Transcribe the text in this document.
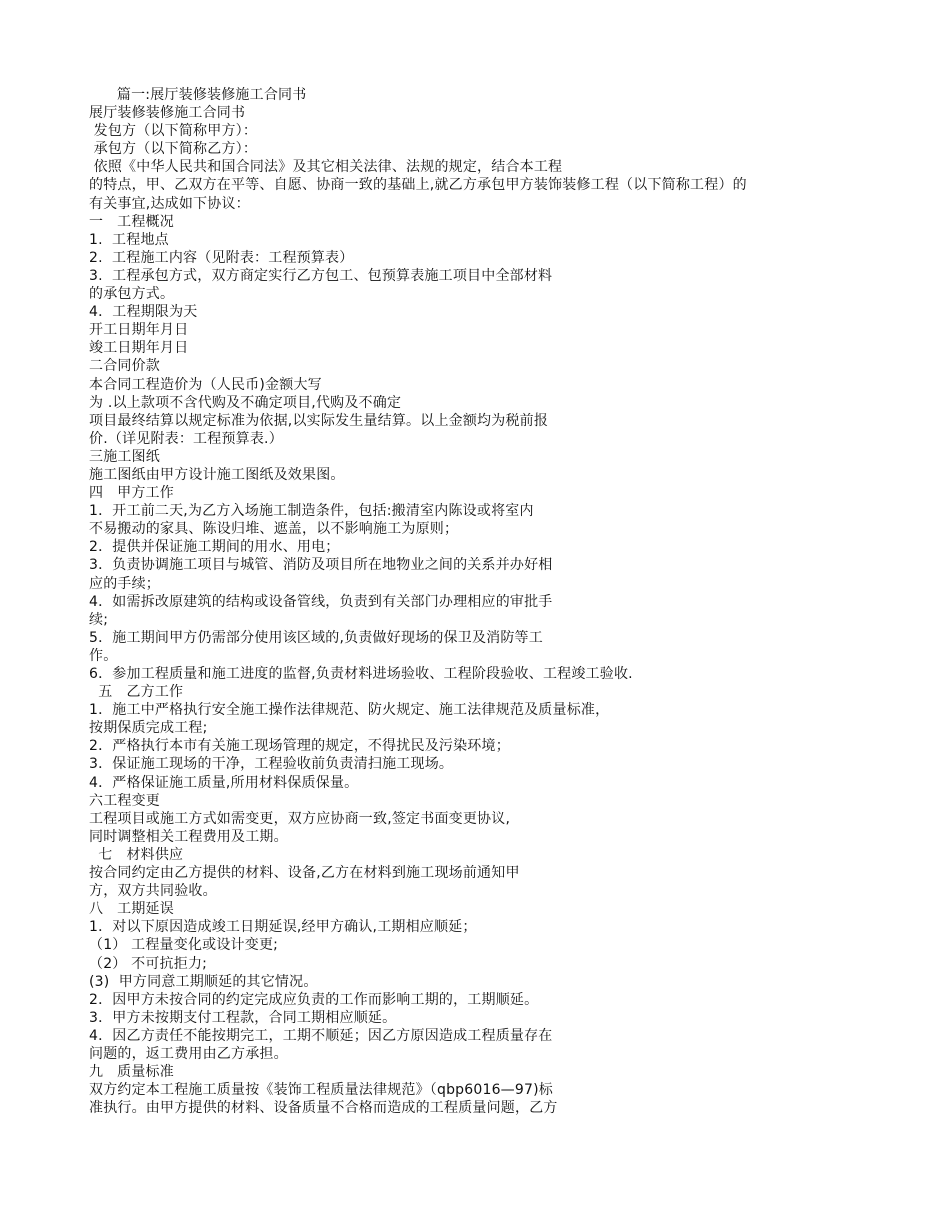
篇一:展厅装修装修施工合同书
展厅装修装修施工合同书
发包方（以下简称甲方）：
承包方（以下简称乙方）：
依照《中华人民共和国合同法》及其它相关法律、法规的规定，结合本工程
的特点，甲、乙双方在平等、自愿、协商一致的基础上,就乙方承包甲方装饰装修工程（以下简称工程）的
有关事宜,达成如下协议：
一   工程概况
1.  工程地点
2.  工程施工内容（见附表：工程预算表）
3.  工程承包方式，双方商定实行乙方包工、包预算表施工项目中全部材料
的承包方式。
4．工程期限为天
开工日期年月日
竣工日期年月日
二合同价款
本合同工程造价为（人民币)金额大写
为 .以上款项不含代购及不确定项目,代购及不确定
项目最终结算以规定标准为依据,以实际发生量结算。以上金额均为税前报
价.（详见附表：工程预算表.）
三施工图纸
施工图纸由甲方设计施工图纸及效果图。
四   甲方工作
1．开工前二天,为乙方入场施工制造条件，包括:搬清室内陈设或将室内
不易搬动的家具、陈设归堆、遮盖，以不影响施工为原则；
2．提供并保证施工期间的用水、用电；
3．负责协调施工项目与城管、消防及项目所在地物业之间的关系并办好相
应的手续；
4．如需拆改原建筑的结构或设备管线，负责到有关部门办理相应的审批手
续;
5．施工期间甲方仍需部分使用该区域的,负责做好现场的保卫及消防等工
作。
6．参加工程质量和施工进度的监督,负责材料进场验收、工程阶段验收、工程竣工验收.
五   乙方工作
1．施工中严格执行安全施工操作法律规范、防火规定、施工法律规范及质量标准，
按期保质完成工程;
2．严格执行本市有关施工现场管理的规定，不得扰民及污染环境；
3．保证施工现场的干净，工程验收前负责清扫施工现场。
4．严格保证施工质量,所用材料保质保量。
六工程变更
工程项目或施工方式如需变更，双方应协商一致,签定书面变更协议,
同时调整相关工程费用及工期。
七   材料供应
按合同约定由乙方提供的材料、设备,乙方在材料到施工现场前通知甲
方，双方共同验收。
八   工期延误
1．对以下原因造成竣工日期延误,经甲方确认,工期相应顺延；
（1） 工程量变化或设计变更;
（2） 不可抗拒力;
(3)  甲方同意工期顺延的其它情况。
2．因甲方未按合同的约定完成应负责的工作而影响工期的，工期顺延。
3．甲方未按期支付工程款，合同工期相应顺延。
4．因乙方责任不能按期完工，工期不顺延；因乙方原因造成工程质量存在
问题的，返工费用由乙方承担。
九   质量标准
双方约定本工程施工质量按《装饰工程质量法律规范》（qbp6016—97)标
准执行。由甲方提供的材料、设备质量不合格而造成的工程质量问题，乙方
